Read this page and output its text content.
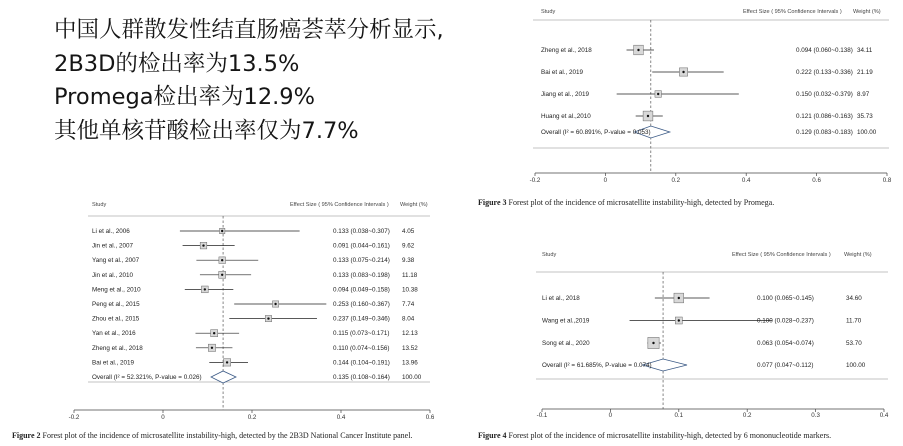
中国人群散发性结直肠癌荟萃分析显示,
2B3D的检出率为13.5%
Promega检出率为12.9%
其他单核苷酸检出率仅为7.7%
Study	Effect Size ( 95% Confidence Intervals ) Weight (%)
Li et al., 2006	0.133 (0.038~0.307) 4.05
Jin et al., 2007	0.091 (0.044~0.161) 9.62
Yang et al., 2007	0.133 (0.075~0.214) 9.38
Jin et al., 2010	0.133 (0.083~0.198) 11.18
Meng et al., 2010	0.094 (0.049~0.158) 10.38
Peng et al., 2015	0.253 (0.160~0.367) 7.74
Zhou et al., 2015	0.237 (0.149~0.346) 8.04
Yan et al., 2016	0.115 (0.073~0.171) 12.13
Zheng et al., 2018	0.110 (0.074~0.156) 13.52
Bai et al., 2019	0.144 (0.104~0.191) 13.96
Overall (I² = 52.321%, P-value = 0.026)	0.135 (0.108~0.164) 100.00
-0.2	0	0.2	0.4	0.6
Figure 2 Forest plot of the incidence of microsatellite instability-high, detected by the 2B3D National Cancer Institute panel.
Study	Effect Size ( 95% Confidence Intervals ) Weight (%)
Zheng et al., 2018	0.094 (0.060~0.138) 34.11
Bai et al., 2019	0.222 (0.133~0.336) 21.19
Jiang et al., 2019	0.150 (0.032~0.379) 8.97
Huang et al.,2010	0.121 (0.086~0.163) 35.73
Overall (I² = 60.891%, P-value = 0.053)	0.129 (0.083~0.183) 100.00
-0.2	0	0.2	0.4	0.6	0.8
Figure 3 Forest plot of the incidence of microsatellite instability-high, detected by Promega.
Study	Effect Size ( 95% Confidence Intervals ) Weight (%)
Li et al., 2018	0.100 (0.065~0.145)	34.60
Wang et al.,2019	0.100 (0.028~0.237)	11.70
Song et al., 2020	0.063 (0.054~0.074)	53.70
Overall (I² = 61.685%, P-value = 0.074)	0.077 (0.047~0.112)	100.00
-0.1	0	0.1	0.2	0.3	0.4
Figure 4 Forest plot of the incidence of microsatellite instability-high, detected by 6 mononucleotide markers.
